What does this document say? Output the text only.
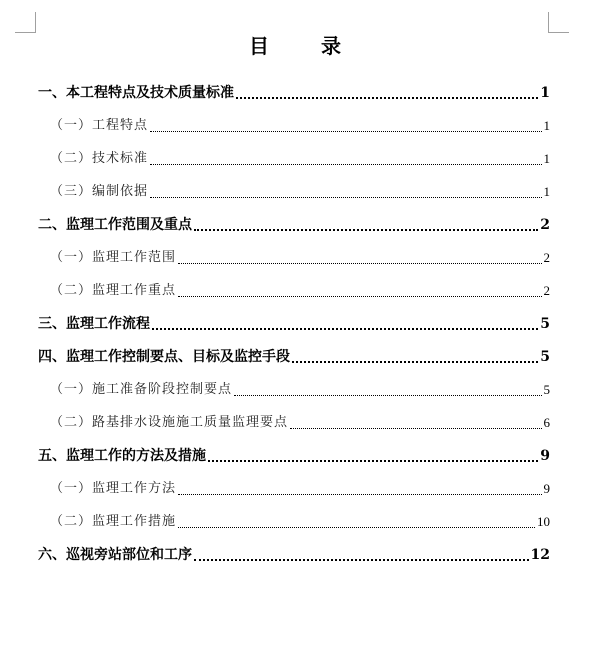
目　录
一、本工程特点及技术质量标准	1
（一）工程特点	1
（二）技术标准	1
（三）编制依据	1
二、监理工作范围及重点	2
（一）监理工作范围	2
（二）监理工作重点	2
三、监理工作流程	5
四、监理工作控制要点、目标及监控手段	5
（一）施工准备阶段控制要点	5
（二）路基排水设施施工质量监理要点	6
五、监理工作的方法及措施	9
（一）监理工作方法	9
（二）监理工作措施	10
六、巡视旁站部位和工序	12
